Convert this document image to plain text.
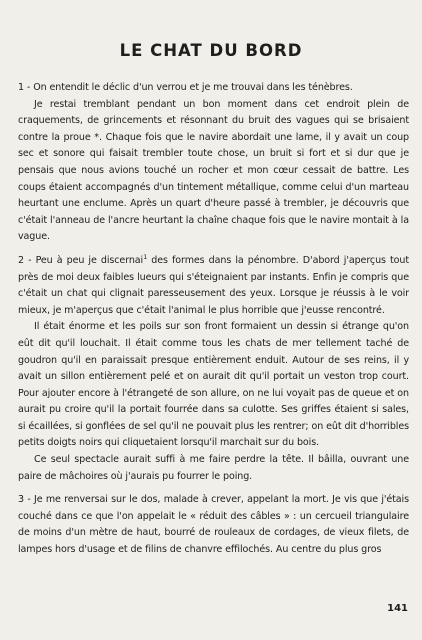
LE CHAT DU BORD

1 - On entendit le déclic d'un verrou et je me trouvai dans les ténèbres.

Je restai tremblant pendant un bon moment dans cet endroit plein de craquements, de grincements et résonnant du bruit des vagues qui se brisaient contre la proue *. Chaque fois que le navire abordait une lame, il y avait un coup sec et sonore qui faisait trembler toute chose, un bruit si fort et si dur que je pensais que nous avions touché un rocher et mon cœur cessait de battre. Les coups étaient accompagnés d'un tintement métallique, comme celui d'un marteau heurtant une enclume. Après un quart d'heure passé à trembler, je découvris que c'était l'anneau de l'ancre heurtant la chaîne chaque fois que le navire montait à la vague.

2 - Peu à peu je discernai$^1$ des formes dans la pénombre. D'abord j'aperçus tout près de moi deux faibles lueurs qui s'éteignaient par instants. Enfin je compris que c'était un chat qui clignait paresseusement des yeux. Lorsque je réussis à le voir mieux, je m'aperçus que c'était l'animal le plus horrible que j'eusse rencontré.

Il était énorme et les poils sur son front formaient un dessin si étrange qu'on eût dit qu'il louchait. Il était comme tous les chats de mer tellement taché de goudron qu'il en paraissait presque entièrement enduit. Autour de ses reins, il y avait un sillon entièrement pelé et on aurait dit qu'il portait un veston trop court. Pour ajouter encore à l'étrangeté de son allure, on ne lui voyait pas de queue et on aurait pu croire qu'il la portait fourrée dans sa culotte. Ses griffes étaient si sales, si écaillées, si gonflées de sel qu'il ne pouvait plus les rentrer; on eût dit d'horribles petits doigts noirs qui cliquetaient lorsqu'il marchait sur du bois.

Ce seul spectacle aurait suffi à me faire perdre la tête. Il bâilla, ouvrant une paire de mâchoires où j'aurais pu fourrer le poing.

3 - Je me renversai sur le dos, malade à crever, appelant la mort. Je vis que j'étais couché dans ce que l'on appelait le « réduit des câbles » : un cercueil triangulaire de moins d'un mètre de haut, bourré de rouleaux de cordages, de vieux filets, de lampes hors d'usage et de filins de chanvre effilochés. Au centre du plus gros

141
